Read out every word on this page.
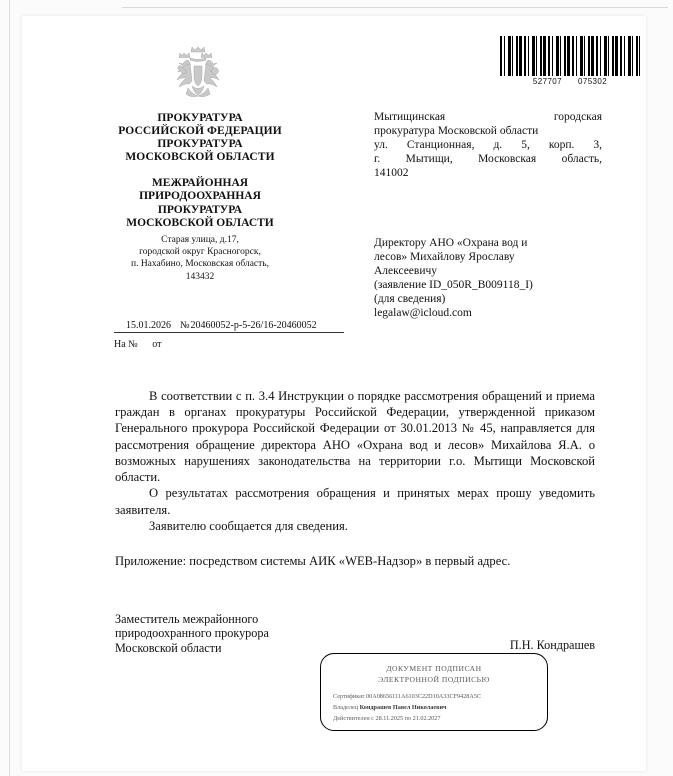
527707 075302
ПРОКУРАТУРА
РОССИЙСКОЙ ФЕДЕРАЦИИ
ПРОКУРАТУРА
МОСКОВСКОЙ ОБЛАСТИ
МЕЖРАЙОННАЯ
ПРИРОДООХРАННАЯ
ПРОКУРАТУРА
МОСКОВСКОЙ ОБЛАСТИ
Старая улица, д.17,
городской округ Красногорск,
п. Нахабино, Московская область,
143432
Мытищинская городская
прокуратура Московской области
ул. Станционная, д. 5, корп. 3,
г. Мытищи, Московская область,
141002
Директору АНО «Охрана вод и
лесов» Михайлову Ярославу
Алексеевичу
(заявление ID_050R_B009118_I)
(для сведения)
legalaw@icloud.com
15.01.2026 № 20460052-р-5-26/16-20460052
На № от

В соответствии с п. 3.4 Инструкции о порядке рассмотрения обращений и приема граждан в органах прокуратуры Российской Федерации, утвержденной приказом Генерального прокурора Российской Федерации от 30.01.2013 № 45, направляется для рассмотрения обращение директора АНО «Охрана вод и лесов» Михайлова Я.А. о возможных нарушениях законодательства на территории г.о. Мытищи Московской области.

О результатах рассмотрения обращения и принятых мерах прошу уведомить заявителя.

Заявителю сообщается для сведения.

Приложение: посредством системы АИК «WEB-Надзор» в первый адрес.

Заместитель межрайонного
природоохранного прокурора
Московской области	П.Н. Кондрашев
ДОКУМЕНТ ПОДПИСАН
ЭЛЕКТРОННОЙ ПОДПИСЬЮ
Сертификат 00A08656111A6103C22D10A33CF9428A5C
Владелец Кондрашев Павел Николаевич
Действителен с 28.11.2025 по 21.02.2027
